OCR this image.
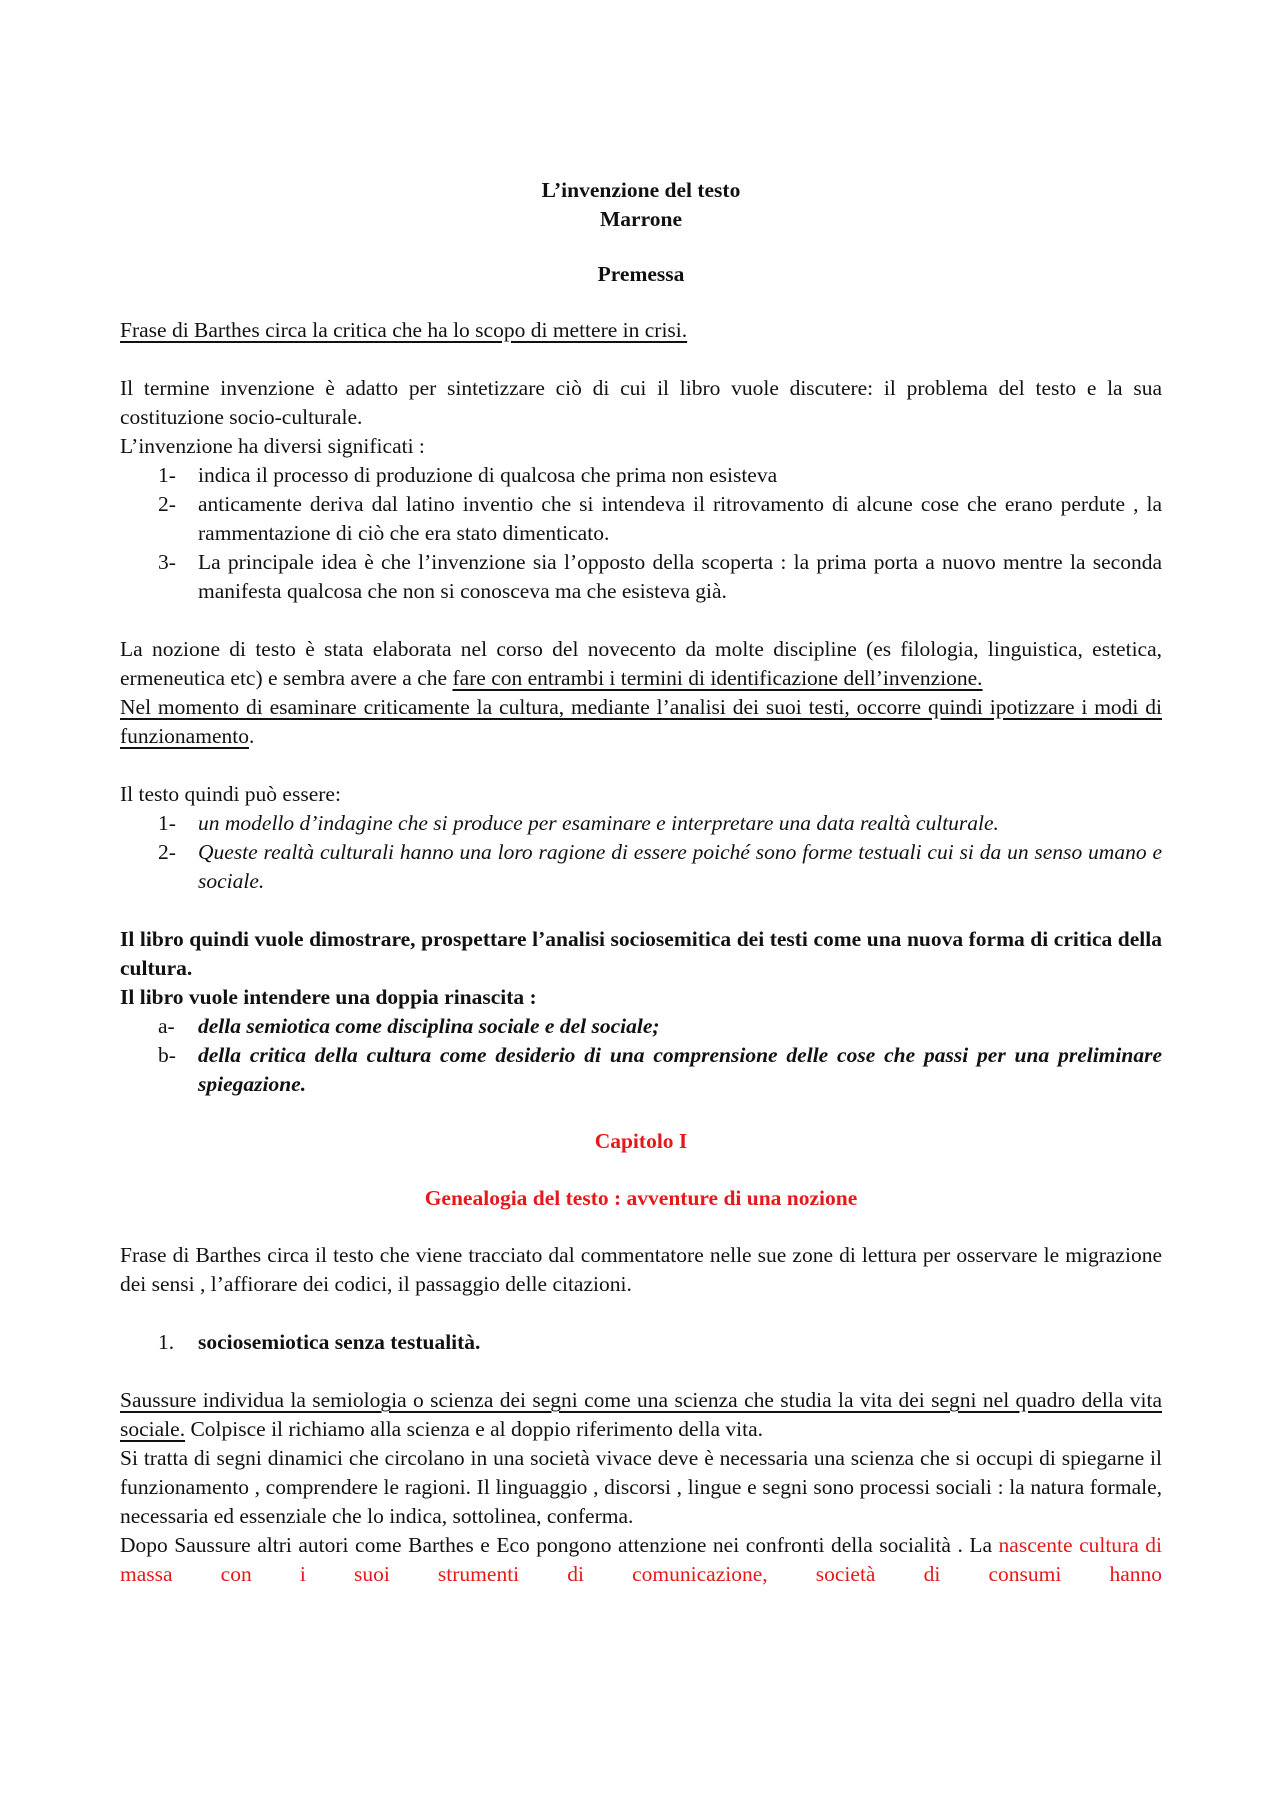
L’invenzione del testo
Marrone
Premessa

Frase di Barthes circa la critica che ha lo scopo di mettere in crisi.

Il termine invenzione è adatto per sintetizzare ciò di cui il libro vuole discutere: il problema del testo e la sua costituzione socio-culturale.

L’invenzione ha diversi significati :

1- indica il processo di produzione di qualcosa che prima non esisteva
2- anticamente deriva dal latino inventio che si intendeva il ritrovamento di alcune cose che erano perdute , la rammentazione di ciò che era stato dimenticato.
3- La principale idea è che l’invenzione sia l’opposto della scoperta : la prima porta a nuovo mentre la seconda manifesta qualcosa che non si conosceva ma che esisteva già.

La nozione di testo è stata elaborata nel corso del novecento da molte discipline (es filologia, linguistica, estetica, ermeneutica etc) e sembra avere a che fare con entrambi i termini di identificazione dell’invenzione.

Nel momento di esaminare criticamente la cultura, mediante l’analisi dei suoi testi, occorre quindi ipotizzare i modi di funzionamento.

Il testo quindi può essere:

1- un modello d’indagine che si produce per esaminare e interpretare una data realtà culturale.
2- Queste realtà culturali hanno una loro ragione di essere poiché sono forme testuali cui si da un senso umano e sociale.

Il libro quindi vuole dimostrare, prospettare l’analisi sociosemitica dei testi come una nuova forma di critica della cultura.

Il libro vuole intendere una doppia rinascita :

a- della semiotica come disciplina sociale e del sociale;
b- della critica della cultura come desiderio di una comprensione delle cose che passi per una preliminare spiegazione.
Capitolo I
Genealogia del testo : avventure di una nozione

Frase di Barthes circa il testo che viene tracciato dal commentatore nelle sue zone di lettura per osservare le migrazione dei sensi , l’affiorare dei codici, il passaggio delle citazioni.

1. sociosemiotica senza testualità.

Saussure individua la semiologia o scienza dei segni come una scienza che studia la vita dei segni nel quadro della vita sociale. Colpisce il richiamo alla scienza e al doppio riferimento della vita.

Si tratta di segni dinamici che circolano in una società vivace deve è necessaria una scienza che si occupi di spiegarne il funzionamento , comprendere le ragioni. Il linguaggio , discorsi , lingue e segni sono processi sociali : la natura formale, necessaria ed essenziale che lo indica, sottolinea, conferma.

Dopo Saussure altri autori come Barthes e Eco pongono attenzione nei confronti della socialità . La nascente cultura di massa con i suoi strumenti di comunicazione, società di consumi hanno
